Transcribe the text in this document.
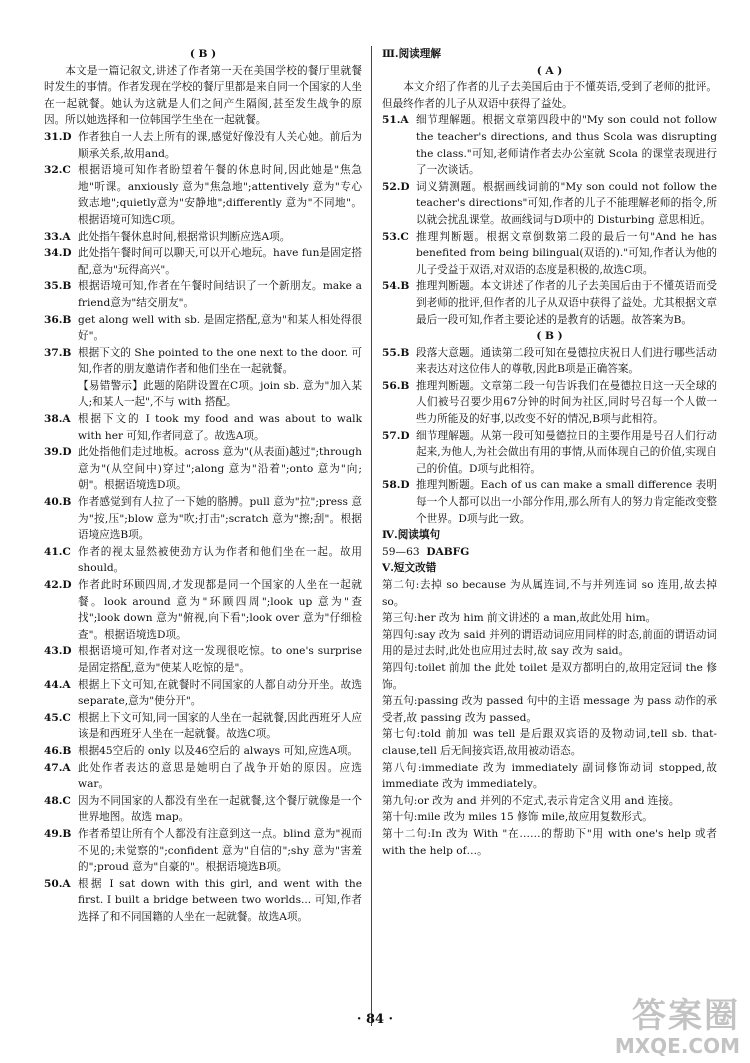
( B )

本文是一篇记叙文,讲述了作者第一天在美国学校的餐厅里就餐时发生的事情。作者发现在学校的餐厅里都是来自同一个国家的人坐在一起就餐。她认为这就是人们之间产生隔阂,甚至发生战争的原因。所以她选择和一位韩国学生坐在一起就餐。

31.D 作者独自一人去上所有的课,感觉好像没有人关心她。前后为顺承关系,故用and。
32.C 根据语境可知作者盼望着午餐的休息时间,因此她是"焦急地"听课。anxiously 意为"焦急地";attentively 意为"专心致志地";quietly意为"安静地";differently 意为"不同地"。根据语境可知选C项。
33.A 此处指午餐休息时间,根据常识判断应选A项。
34.D 此处指午餐时间可以聊天,可以开心地玩。have fun是固定搭配,意为"玩得高兴"。
35.B 根据语境可知,作者在午餐时间结识了一个新朋友。make a friend意为"结交朋友"。
36.B get along well with sb. 是固定搭配,意为"和某人相处得很好"。
37.B 根据下文的 She pointed to the one next to the door. 可知,作者的朋友邀请作者和他们坐在一起就餐。

【易错警示】此题的陷阱设置在C项。join sb. 意为"加入某人;和某人一起",不与 with 搭配。

38.A 根据下文的 I took my food and was about to walk with her 可知,作者同意了。故选A项。
39.D 此处指他们走过地板。across 意为"(从表面)越过";through 意为"(从空间中)穿过";along 意为"沿着";onto 意为"向;朝"。根据语境选D项。
40.B 作者感觉到有人拉了一下她的胳膊。pull 意为"拉";press 意为"按,压";blow 意为"吹;打击";scratch 意为"擦;刮"。根据语境应选B项。
41.C 作者的视太显然被使劲方认为作者和他们坐在一起。故用 should。
42.D 作者此时环顾四周,才发现都是同一个国家的人坐在一起就餐。look around 意为"环顾四周";look up 意为"查找";look down 意为"俯视,向下看";look over 意为"仔细检查"。根据语境选D项。
43.D 根据语境可知,作者对这一发现很吃惊。to one's surprise 是固定搭配,意为"使某人吃惊的是"。
44.A 根据上下文可知,在就餐时不同国家的人都自动分开坐。故选 separate,意为"使分开"。
45.C 根据上下文可知,同一国家的人坐在一起就餐,因此西班牙人应该是和西班牙人坐在一起就餐。故选C项。
46.B 根据45空后的 only 以及46空后的 always 可知,应选A项。
47.A 此处作者表达的意思是她明白了战争开始的原因。应选 war。
48.C 因为不同国家的人都没有坐在一起就餐,这个餐厅就像是一个世界地图。故选 map。
49.B 作者希望让所有个人都没有注意到这一点。blind 意为"视而不见的;未觉察的";confident 意为"自信的";shy 意为"害羞的";proud 意为"自豪的"。根据语境选B项。
50.A 根据 I sat down with this girl, and went with the first. I built a bridge between two worlds... 可知,作者选择了和不同国籍的人坐在一起就餐。故选A项。

Ⅲ.阅读理解

( A )

本文介绍了作者的儿子去美国后由于不懂英语,受到了老师的批评。但最终作者的儿子从双语中获得了益处。

51.A 细节理解题。根据文章第四段中的"My son could not follow the teacher's directions, and thus Scola was disrupting the class."可知,老师请作者去办公室就 Scola 的课堂表现进行了一次谈话。
52.D 词义猜测题。根据画线词前的"My son could not follow the teacher's directions"可知,作者的儿子不能理解老师的指令,所以就会扰乱课堂。故画线词与D项中的 Disturbing 意思相近。
53.C 推理判断题。根据文章倒数第二段的最后一句"And he has benefited from being bilingual(双语的)."可知,作者认为他的儿子受益于双语,对双语的态度是积极的,故选C项。
54.B 推理判断题。本文讲述了作者的儿子去美国后由于不懂英语而受到老师的批评,但作者的儿子从双语中获得了益处。尤其根据文章最后一段可知,作者主要论述的是教育的话题。故答案为B。

( B )

55.B 段落大意题。通读第二段可知在曼德拉庆祝日人们进行哪些活动来表达对这位伟人的尊敬,因此B项是正确答案。
56.B 推理判断题。文章第二段一句告诉我们在曼德拉日这一天全球的人们被号召要少用67分钟的时间为社区,同时号召每一个人做一些力所能及的好事,以改变不好的情况,B项与此相符。
57.D 细节理解题。从第一段可知曼德拉日的主要作用是号召人们行动起来,为他人,为社会做出有用的事情,从而体现自己的价值,实现自己的价值。D项与此相符。
58.D 推理判断题。Each of us can make a small difference 表明每一个人都可以出一小部分作用,那么所有人的努力肯定能改变整个世界。D项与此一致。

Ⅳ.阅读填句

59—63 DABFG

Ⅴ.短文改错

第二句:去掉 so because 为从属连词,不与并列连词 so 连用,故去掉 so。

第三句:her 改为 him 前文讲述的 a man,故此处用 him。

第四句:say 改为 said 并列的谓语动词应用同样的时态,前面的谓语动词用的是过去时,此处也应用过去时,故 say 改为 said。

第四句:toilet 前加 the 此处 toilet 是双方都明白的,故用定冠词 the 修饰。

第五句:passing 改为 passed 句中的主语 message 为 pass 动作的承受者,故 passing 改为 passed。

第七句:told 前加 was tell 是后跟双宾语的及物动词,tell sb. that-clause,tell 后无间接宾语,故用被动语态。

第八句:immediate 改为 immediately 副词修饰动词 stopped,故 immediate 改为 immediately。

第九句:or 改为 and 并列的不定式,表示肯定含义用 and 连接。

第十句:mile 改为 miles 15 修饰 mile,故应用复数形式。

第十二句:In 改为 With "在……的帮助下"用 with one's help 或者 with the help of…。

· 84 ·	答案圈
MXQE.COM
